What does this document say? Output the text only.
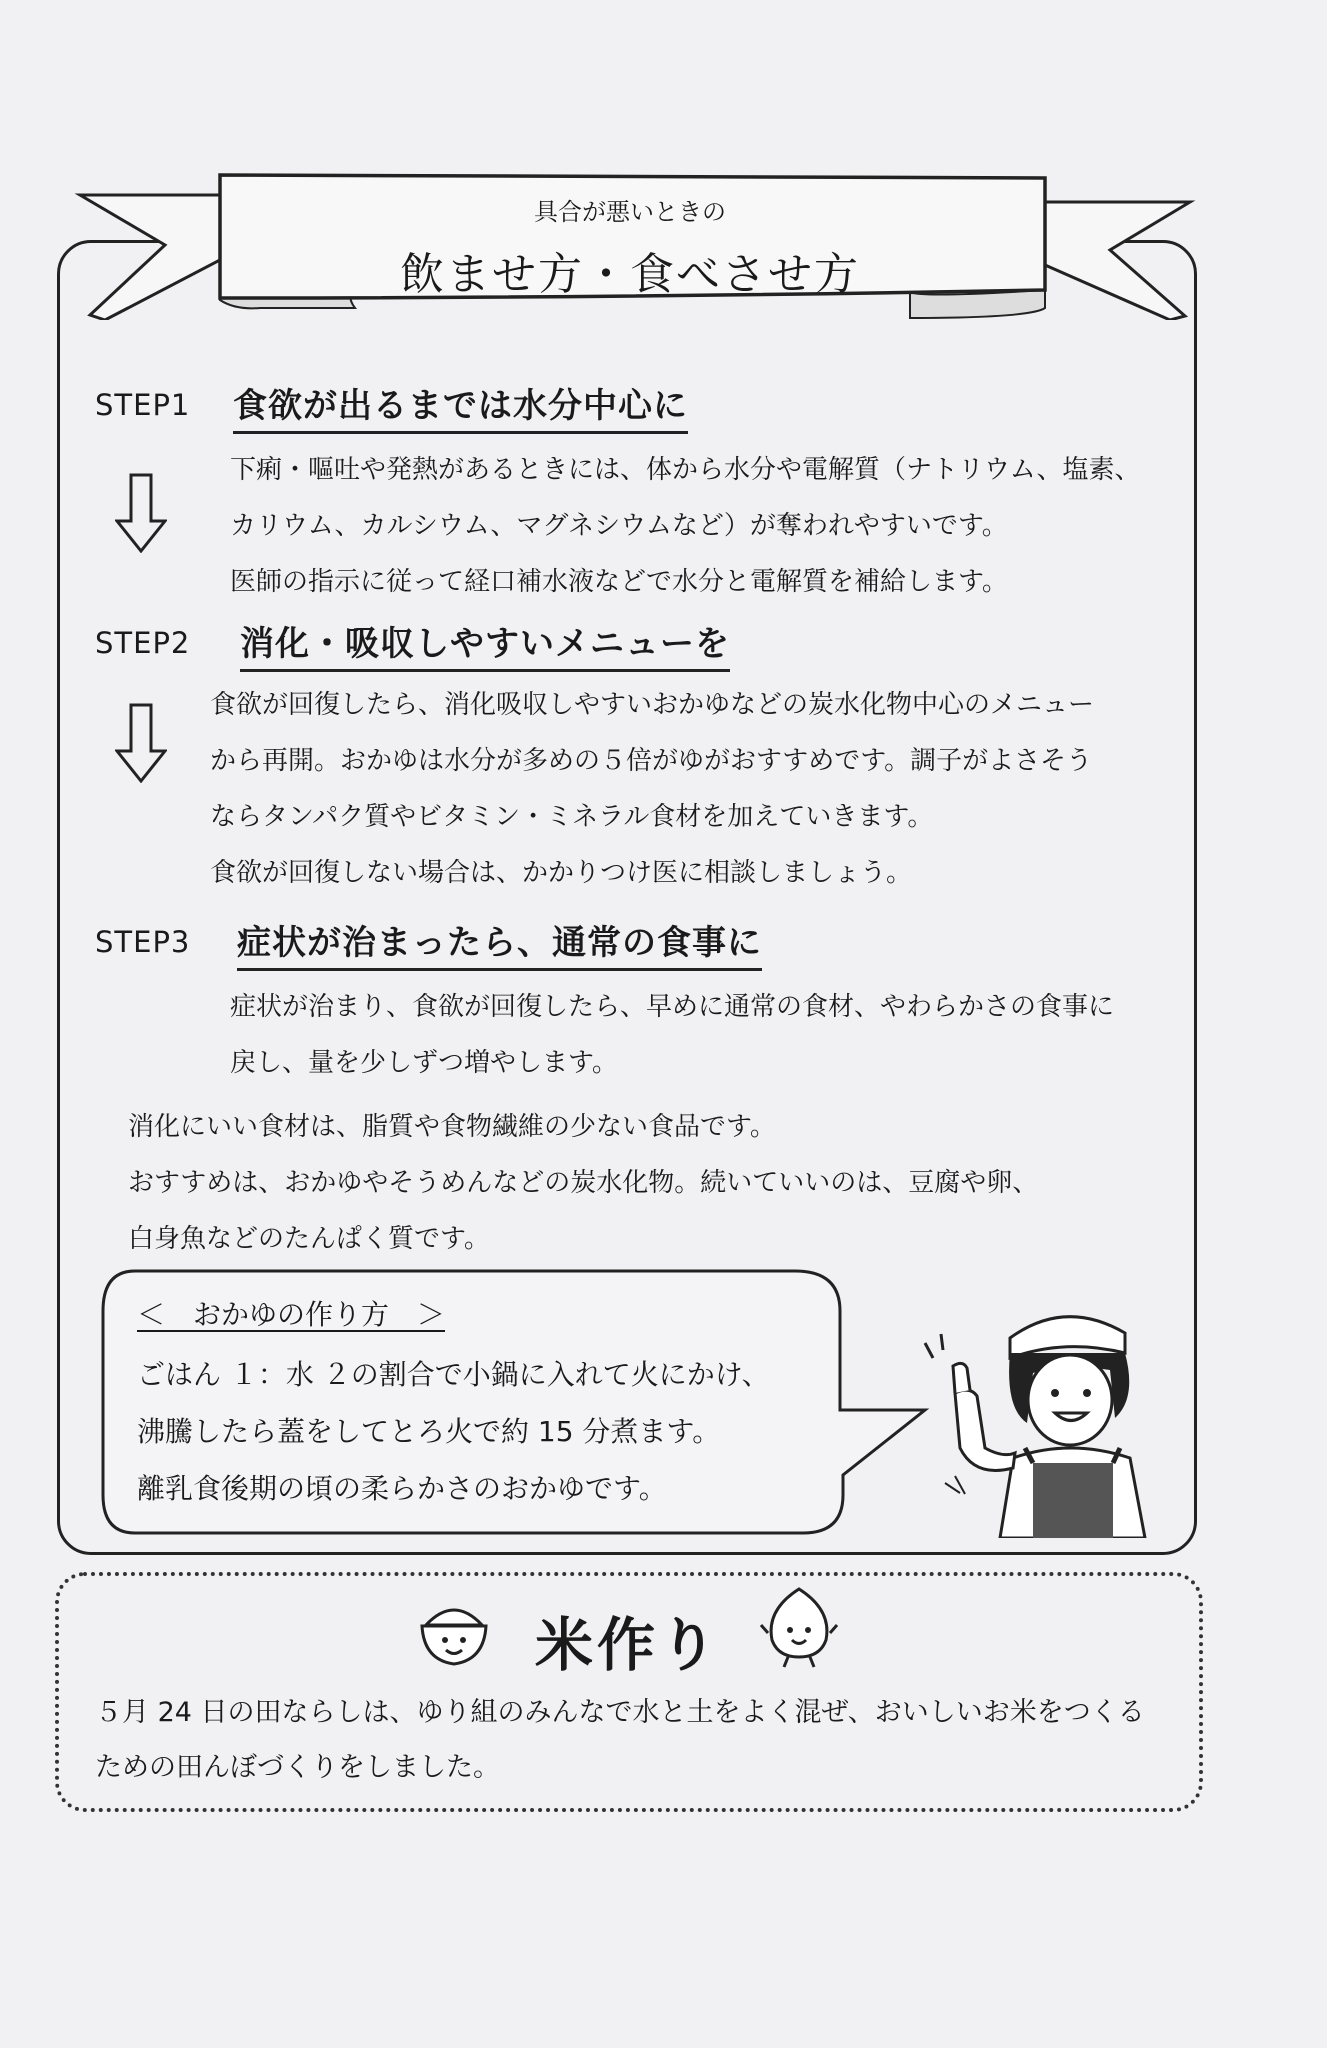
具合が悪いときの
飲ませ方・食べさせ方
STEP1 食欲が出るまでは水分中心に
下痢・嘔吐や発熱があるときには、体から水分や電解質（ナトリウム、塩素、
カリウム、カルシウム、マグネシウムなど）が奪われやすいです。
医師の指示に従って経口補水液などで水分と電解質を補給します。
STEP2 消化・吸収しやすいメニューを
食欲が回復したら、消化吸収しやすいおかゆなどの炭水化物中心のメニュー
から再開。おかゆは水分が多めの５倍がゆがおすすめです。調子がよさそう
ならタンパク質やビタミン・ミネラル食材を加えていきます。
食欲が回復しない場合は、かかりつけ医に相談しましょう。
STEP3 症状が治まったら、通常の食事に
症状が治まり、食欲が回復したら、早めに通常の食材、やわらかさの食事に
戻し、量を少しずつ増やします。
消化にいい食材は、脂質や食物繊維の少ない食品です。
おすすめは、おかゆやそうめんなどの炭水化物。続いていいのは、豆腐や卵、
白身魚などのたんぱく質です。
＜　おかゆの作り方　＞
ごはん １：水 ２の割合で小鍋に入れて火にかけ、
沸騰したら蓋をしてとろ火で約 15 分煮ます。
離乳食後期の頃の柔らかさのおかゆです。
米作り
５月 24 日の田ならしは、ゆり組のみんなで水と土をよく混ぜ、おいしいお米をつくる
ための田んぼづくりをしました。
